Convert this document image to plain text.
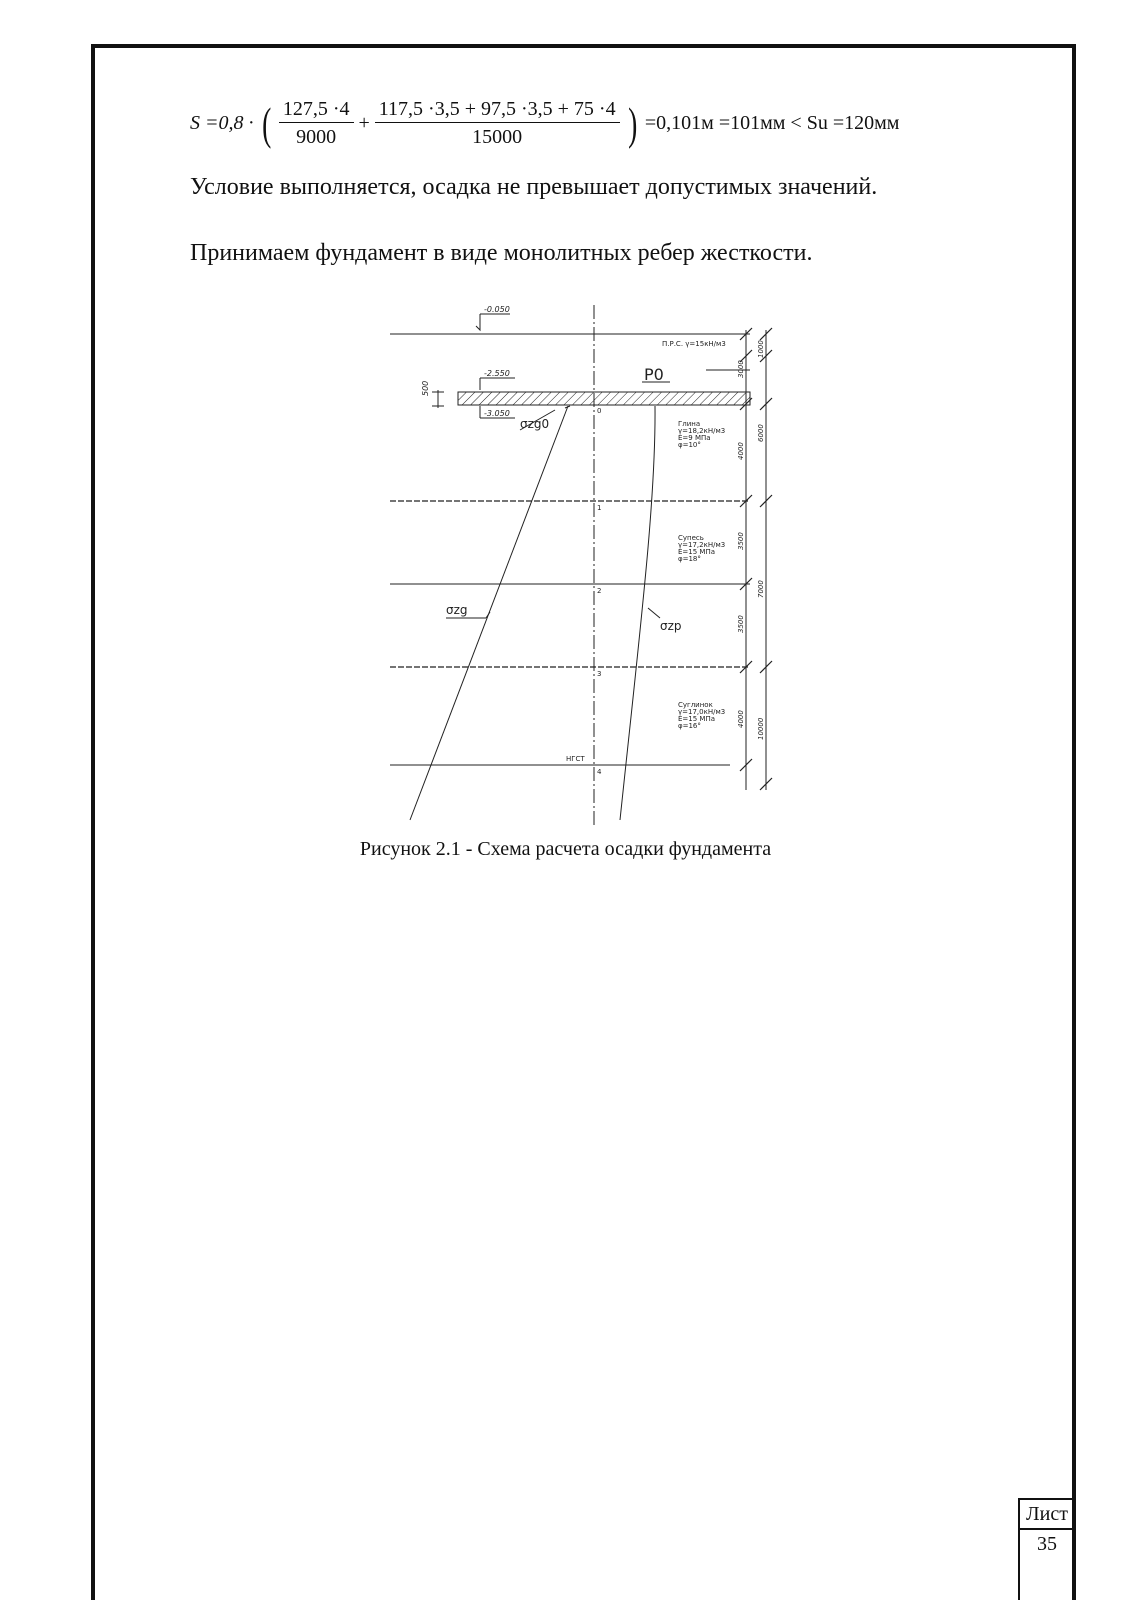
S =0,8 · ( $\frac{127,5 \cdot 4}{9000} + \frac{117,5 \cdot 3,5 + 97,5 \cdot 3,5 + 75 \cdot 4}{15000}$ ) =0,101м =101мм < Su =120мм
Условие выполняется, осадка не превышает допустимых значений.
Принимаем фундамент в виде монолитных ребер жесткости.
-0.050
-2.550
-3.050
500
P0
σzg0
σzg
σzp
П.Р.С. γ=15кН/м3
Глина
γ=18,2кН/м3
E=9 МПа
φ=10°
Супесь
γ=17,2кН/м3
E=15 МПа
φ=18°
Суглинок
γ=17,0кН/м3
E=15 МПа
φ=16°
0
1
2
3
4
НГСТ
3000
4000
3500
3500
4000
1000
6000
7000
10000
Рисунок 2.1 - Схема расчета осадки фундамента
Лист
35
